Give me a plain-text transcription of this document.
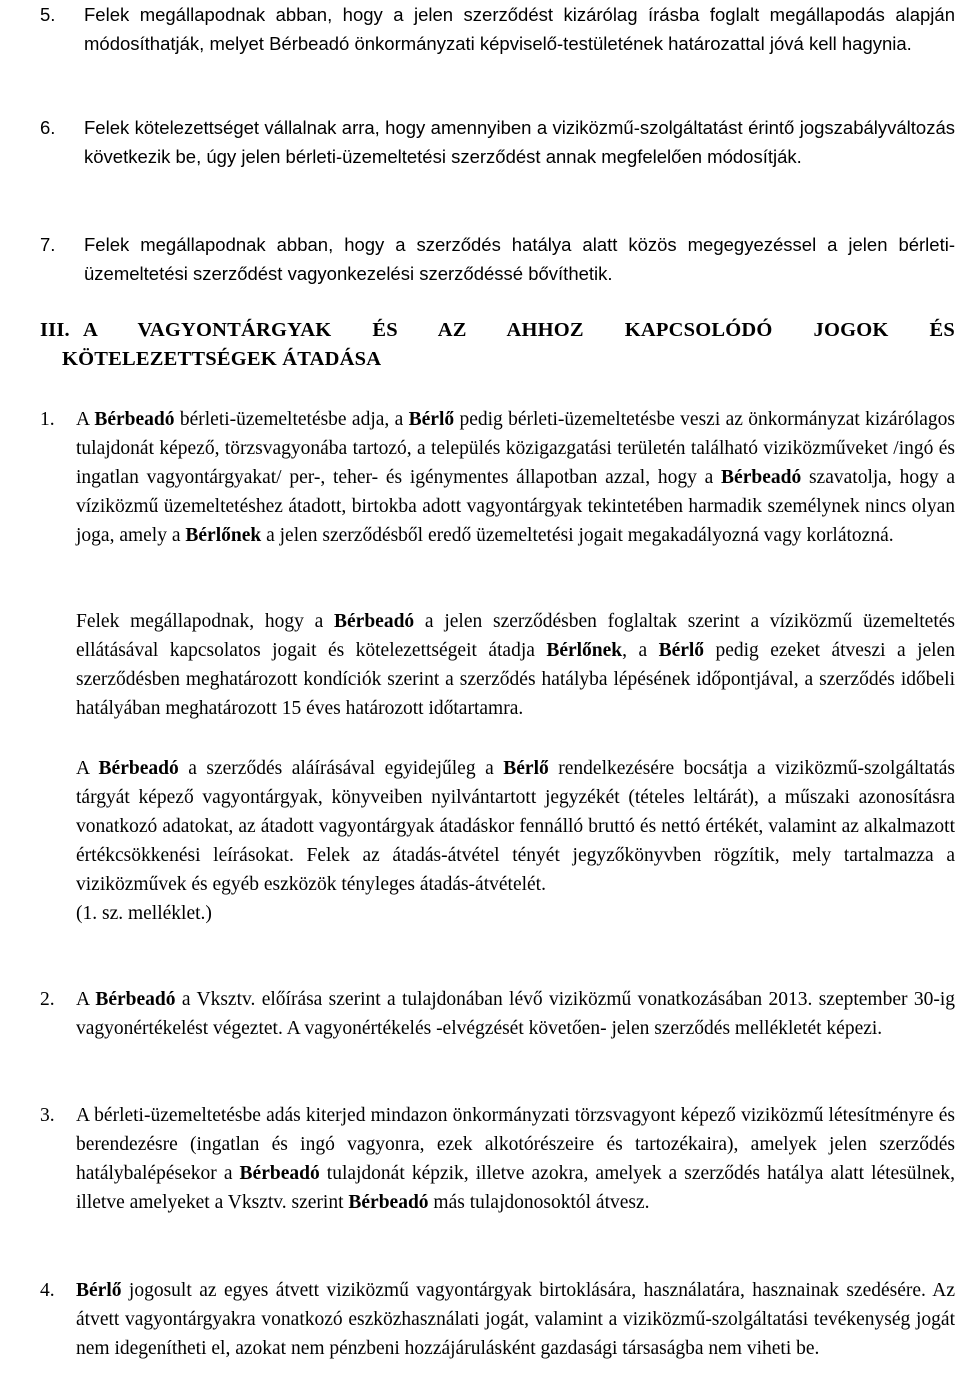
5. Felek megállapodnak abban, hogy a jelen szerződést kizárólag írásba foglalt megállapodás alapján módosíthatják, melyet Bérbeadó önkormányzati képviselő-testületének határozattal jóvá kell hagynia.
6. Felek kötelezettséget vállalnak arra, hogy amennyiben a viziközmű-szolgáltatást érintő jogszabályváltozás következik be, úgy jelen bérleti-üzemeltetési szerződést annak megfelelően módosítják.
7. Felek megállapodnak abban, hogy a szerződés hatálya alatt közös megegyezéssel a jelen bérleti-üzemeltetési szerződést vagyonkezelési szerződéssé bővíthetik.
III. A VAGYONTÁRGYAK ÉS AZ AHHOZ KAPCSOLÓDÓ JOGOK ÉS
KÖTELEZETTSÉGEK ÁTADÁSA
1. A Bérbeadó bérleti-üzemeltetésbe adja, a Bérlő pedig bérleti-üzemeltetésbe veszi az önkormányzat kizárólagos tulajdonát képező, törzsvagyonába tartozó, a település közigazgatási területén található viziközműveket /ingó és ingatlan vagyontárgyakat/ per-, teher- és igénymentes állapotban azzal, hogy a Bérbeadó szavatolja, hogy a víziközmű üzemeltetéshez átadott, birtokba adott vagyontárgyak tekintetében harmadik személynek nincs olyan joga, amely a Bérlőnek a jelen szerződésből eredő üzemeltetési jogait megakadályozná vagy korlátozná.
Felek megállapodnak, hogy a Bérbeadó a jelen szerződésben foglaltak szerint a víziközmű üzemeltetés ellátásával kapcsolatos jogait és kötelezettségeit átadja Bérlőnek, a Bérlő pedig ezeket átveszi a jelen szerződésben meghatározott kondíciók szerint a szerződés hatályba lépésének időpontjával, a szerződés időbeli hatályában meghatározott 15 éves határozott időtartamra.
A Bérbeadó a szerződés aláírásával egyidejűleg a Bérlő rendelkezésére bocsátja a viziközmű-szolgáltatás tárgyát képező vagyontárgyak, könyveiben nyilvántartott jegyzékét (tételes leltárát), a műszaki azonosításra vonatkozó adatokat, az átadott vagyontárgyak átadáskor fennálló bruttó és nettó értékét, valamint az alkalmazott értékcsökkenési leírásokat. Felek az átadás-átvétel tényét jegyzőkönyvben rögzítik, mely tartalmazza a viziközművek és egyéb eszközök tényleges átadás-átvételét.
(1. sz. melléklet.)
2. A Bérbeadó a Vksztv. előírása szerint a tulajdonában lévő viziközmű vonatkozásában 2013. szeptember 30-ig vagyonértékelést végeztet. A vagyonértékelés -elvégzését követően- jelen szerződés mellékletét képezi.
3. A bérleti-üzemeltetésbe adás kiterjed mindazon önkormányzati törzsvagyont képező viziközmű létesítményre és berendezésre (ingatlan és ingó vagyonra, ezek alkotórészeire és tartozékaira), amelyek jelen szerződés hatálybalépésekor a Bérbeadó tulajdonát képzik, illetve azokra, amelyek a szerződés hatálya alatt létesülnek, illetve amelyeket a Vksztv. szerint Bérbeadó más tulajdonosoktól átvesz.
4. Bérlő jogosult az egyes átvett viziközmű vagyontárgyak birtoklására, használatára, hasznainak szedésére. Az átvett vagyontárgyakra vonatkozó eszközhasználati jogát, valamint a viziközmű-szolgáltatási tevékenység jogát nem idegenítheti el, azokat nem pénzbeni hozzájárulásként gazdasági társaságba nem viheti be.
